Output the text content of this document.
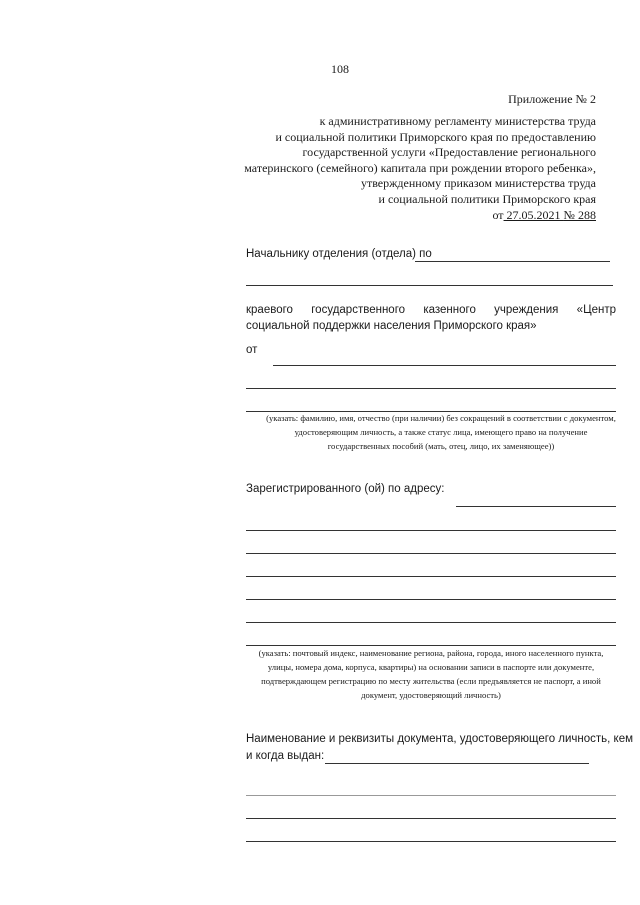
108
Приложение № 2
к административному регламенту министерства труда
и социальной политики Приморского края по предоставлению
государственной услуги «Предоставление регионального
материнского (семейного) капитала при рождении второго ребенка»,
утвержденному приказом министерства труда
и социальной политики Приморского края
от 27.05.2021 № 288
Начальнику отделения (отдела) по
краевого государственного казенного учреждения «Центр социальной поддержки населения Приморского края»
от
(указать: фамилию, имя, отчество (при наличии) без сокращений в соответствии с документом, удостоверяющим личность, а также статус лица, имеющего право на получение государственных пособий (мать, отец, лицо, их заменяющее))
Зарегистрированного (ой) по адресу:
(указать: почтовый индекс, наименование региона, района, города, иного населенного пункта, улицы, номера дома, корпуса, квартиры) на основании записи в паспорте или документе, подтверждающем регистрацию по месту жительства (если предъявляется не паспорт, а иной документ, удостоверяющий личность)
Наименование и реквизиты документа, удостоверяющего личность, кем
и когда выдан:
